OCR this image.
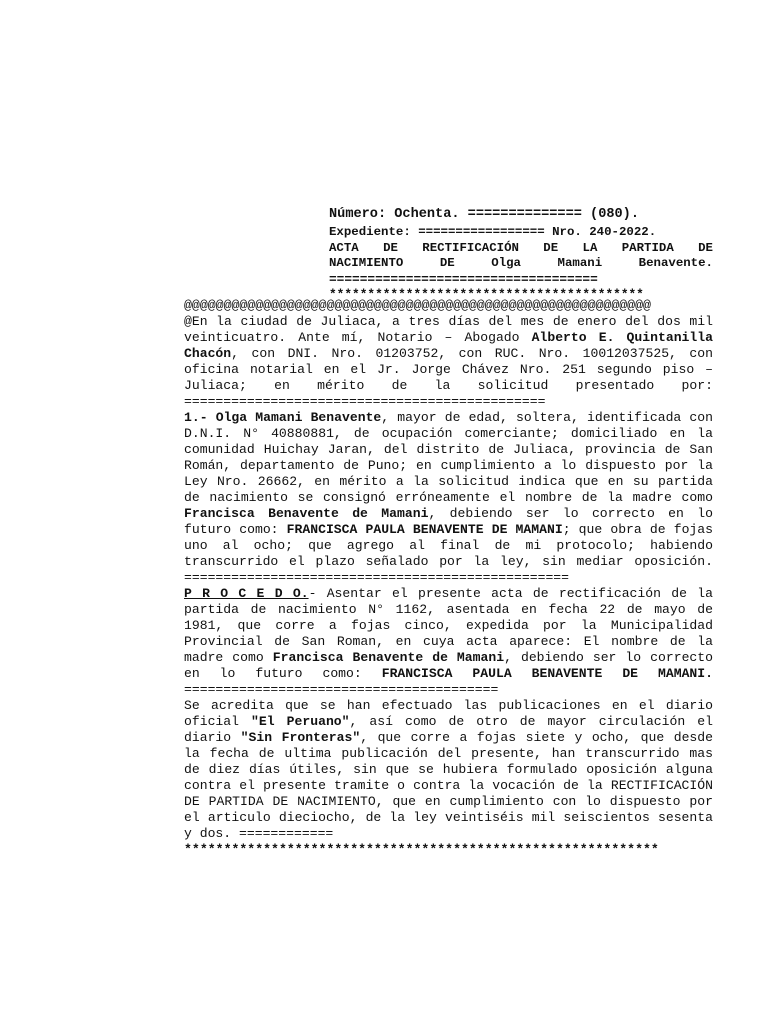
Número: Ochenta. ============== (080).

Expediente: ================= Nro. 240-2022.

ACTA DE RECTIFICACIÓN DE LA PARTIDA DE

NACIMIENTO DE Olga Mamani Benavente.

===================================

*****************************************

@@@@@@@@@@@@@@@@@@@@@@@@@@@@@@@@@@@@@@@@@@@@@@@@@@@@@@@@@@@

@En la ciudad de Juliaca, a tres días del mes de enero del dos mil veinticuatro. Ante mí, Notario – Abogado Alberto E. Quintanilla Chacón, con DNI. Nro. 01203752, con RUC. Nro. 10012037525, con oficina notarial en el Jr. Jorge Chávez Nro. 251 segundo piso – Juliaca; en mérito de la solicitud presentado por:

==============================================

1.- Olga Mamani Benavente, mayor de edad, soltera, identificada con D.N.I. N° 40880881, de ocupación comerciante; domiciliado en la comunidad Huichay Jaran, del distrito de Juliaca, provincia de San Román, departamento de Puno; en cumplimiento a lo dispuesto por la Ley Nro. 26662, en mérito a la solicitud indica que en su partida de nacimiento se consignó erróneamente el nombre de la madre como Francisca Benavente de Mamani, debiendo ser lo correcto en lo futuro como: FRANCISCA PAULA BENAVENTE DE MAMANI; que obra de fojas uno al ocho; que agrego al final de mi protocolo; habiendo transcurrido el plazo señalado por la ley, sin mediar oposición.

=================================================

P R O C E D O.- Asentar el presente acta de rectificación de la partida de nacimiento N° 1162, asentada en fecha 22 de mayo de 1981, que corre a fojas cinco, expedida por la Municipalidad Provincial de San Roman, en cuya acta aparece: El nombre de la madre como Francisca Benavente de Mamani, debiendo ser lo correcto en lo futuro como: FRANCISCA PAULA BENAVENTE DE MAMANI.

========================================

Se acredita que se han efectuado las publicaciones en el diario oficial "El Peruano", así como de otro de mayor circulación el diario "Sin Fronteras", que corre a fojas siete y ocho, que desde la fecha de ultima publicación del presente, han transcurrido mas de diez días útiles, sin que se hubiera formulado oposición alguna contra el presente tramite o contra la vocación de la RECTIFICACIÓN DE PARTIDA DE NACIMIENTO, que en cumplimiento con lo dispuesto por el articulo dieciocho, de la ley veintiséis mil seiscientos sesenta y dos. ============

************************************************************
